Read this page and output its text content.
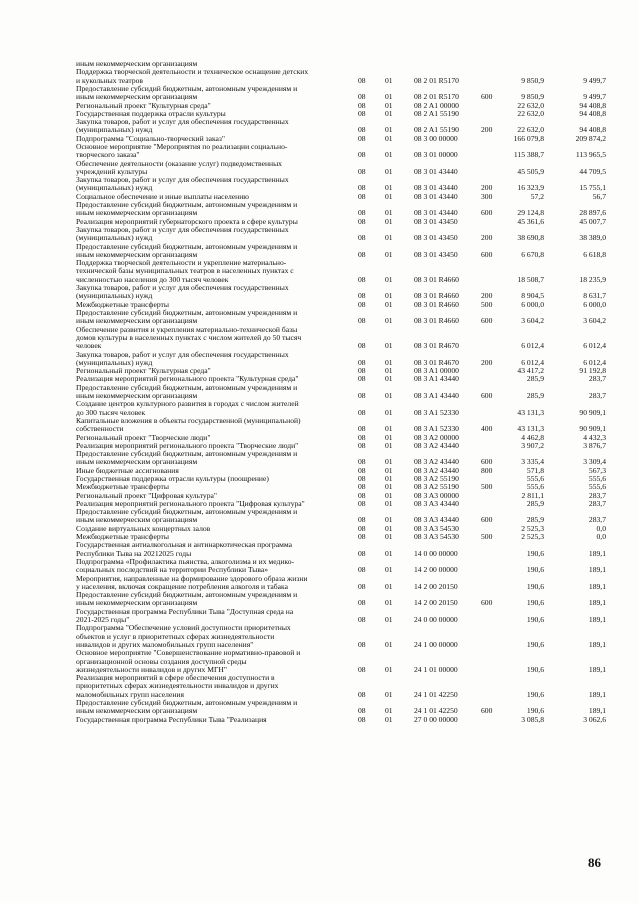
иным некоммерческим организациям
Поддержка творческой деятельности и техническое оснащение детских
и кукольных театров	08	01	08 2 01 R5170	9 850,9	9 499,7
Предоставление субсидий бюджетным, автономным учреждениям и
иным некоммерческим организациям	08	01	08 2 01 R5170	600	9 850,9	9 499,7
Региональный проект "Культурная среда"	08	01	08 2 A1 00000	22 632,0	94 408,8
Государственная поддержка отрасли культуры	08	01	08 2 A1 55190	22 632,0	94 408,8
Закупка товаров, работ и услуг для обеспечения государственных
(муниципальных) нужд	08	01	08 2 A1 55190	200	22 632,0	94 408,8
Подпрограмма "Социально-творческий заказ"	08	01	08 3 00 00000	166 079,8	209 874,2
Основное мероприятие "Мероприятия по реализации социально-
творческого заказа"	08	01	08 3 01 00000	115 388,7	113 965,5
Обеспечение деятельности (оказание услуг) подведомственных
учреждений культуры	08	01	08 3 01 43440	45 505,9	44 709,5
Закупка товаров, работ и услуг для обеспечения государственных
(муниципальных) нужд	08	01	08 3 01 43440	200	16 323,9	15 755,1
Социальное обеспечение и иные выплаты населению	08	01	08 3 01 43440	300	57,2	56,7
Предоставление субсидий бюджетным, автономным учреждениям и
иным некоммерческим организациям	08	01	08 3 01 43440	600	29 124,8	28 897,6
Реализация мероприятий губернаторского проекта в сфере культуры	08	01	08 3 01 43450	45 361,6	45 007,7
Закупка товаров, работ и услуг для обеспечения государственных
(муниципальных) нужд	08	01	08 3 01 43450	200	38 690,8	38 389,0
Предоставление субсидий бюджетным, автономным учреждениям и
иным некоммерческим организациям	08	01	08 3 01 43450	600	6 670,8	6 618,8
Поддержка творческой деятельности и укрепление материально-
технической базы муниципальных театров в населенных пунктах с
численностью населения до 300 тысяч человек	08	01	08 3 01 R4660	18 508,7	18 235,9
Закупка товаров, работ и услуг для обеспечения государственных
(муниципальных) нужд	08	01	08 3 01 R4660	200	8 904,5	8 631,7
Межбюджетные трансферты	08	01	08 3 01 R4660	500	6 000,0	6 000,0
Предоставление субсидий бюджетным, автономным учреждениям и
иным некоммерческим организациям	08	01	08 3 01 R4660	600	3 604,2	3 604,2
Обеспечение развития и укрепления материально-технической базы
домов культуры в населенных пунктах с числом жителей до 50 тысяч
человек	08	01	08 3 01 R4670	6 012,4	6 012,4
Закупка товаров, работ и услуг для обеспечения государственных
(муниципальных) нужд	08	01	08 3 01 R4670	200	6 012,4	6 012,4
Региональный проект "Культурная среда"	08	01	08 3 A1 00000	43 417,2	91 192,8
Реализация мероприятий регионального проекта "Культурная среда"	08	01	08 3 A1 43440	285,9	283,7
Предоставление субсидий бюджетным, автономным учреждениям и
иным некоммерческим организациям	08	01	08 3 A1 43440	600	285,9	283,7
Создание центров культурного развития в городах с числом жителей
до 300 тысяч человек	08	01	08 3 A1 52330	43 131,3	90 909,1
Капитальные вложения в объекты государственной (муниципальной)
собственности	08	01	08 3 A1 52330	400	43 131,3	90 909,1
Региональный проект "Творческие люди"	08	01	08 3 A2 00000	4 462,8	4 432,3
Реализация мероприятий регионального проекта "Творческие люди"	08	01	08 3 A2 43440	3 907,2	3 876,7
Предоставление субсидий бюджетным, автономным учреждениям и
иным некоммерческим организациям	08	01	08 3 A2 43440	600	3 335,4	3 309,4
Иные бюджетные ассигнования	08	01	08 3 A2 43440	800	571,8	567,3
Государственная поддержка отрасли культуры (поощрение)	08	01	08 3 A2 55190	555,6	555,6
Межбюджетные трансферты	08	01	08 3 A2 55190	500	555,6	555,6
Региональный проект "Цифровая культура"	08	01	08 3 A3 00000	2 811,1	283,7
Реализация мероприятий регионального проекта "Цифровая культура"	08	01	08 3 A3 43440	285,9	283,7
Предоставление субсидий бюджетным, автономным учреждениям и
иным некоммерческим организациям	08	01	08 3 A3 43440	600	285,9	283,7
Создание виртуальных концертных залов	08	01	08 3 A3 54530	2 525,3	0,0
Межбюджетные трансферты	08	01	08 3 A3 54530	500	2 525,3	0,0
Государственная антиалкогольная и антинаркотическая программа
Республики Тыва на 20212025 годы	08	01	14 0 00 00000	190,6	189,1
Подпрограмма «Профилактика пьянства, алкоголизма и их медико-
социальных последствий на территории Республики Тыва»	08	01	14 2 00 00000	190,6	189,1
Мероприятия, направленные на формирование здорового образа жизни
у населения, включая сокращение потребления алкоголя и табака	08	01	14 2 00 20150	190,6	189,1
Предоставление субсидий бюджетным, автономным учреждениям и
иным некоммерческим организациям	08	01	14 2 00 20150	600	190,6	189,1
Государственная программа Республики Тыва "Доступная среда на
2021-2025 годы"	08	01	24 0 00 00000	190,6	189,1
Подпрограмма "Обеспечение условий доступности приоритетных
объектов и услуг в приоритетных сферах жизнедеятельности
инвалидов и других маломобильных групп населения"	08	01	24 1 00 00000	190,6	189,1
Основное мероприятие "Совершенствование нормативно-правовой и
организационной основы создания доступной среды
жизнедеятельности инвалидов и других МГН"	08	01	24 1 01 00000	190,6	189,1
Реализация мероприятий в сфере обеспечения доступности в
приоритетных сферах жизнедеятельности инвалидов и других
маломобильных групп населения	08	01	24 1 01 42250	190,6	189,1
Предоставление субсидий бюджетным, автономным учреждениям и
иным некоммерческим организациям	08	01	24 1 01 42250	600	190,6	189,1
Государственная программа Республики Тыва "Реализация	08	01	27 0 00 00000	3 085,8	3 062,6
86
